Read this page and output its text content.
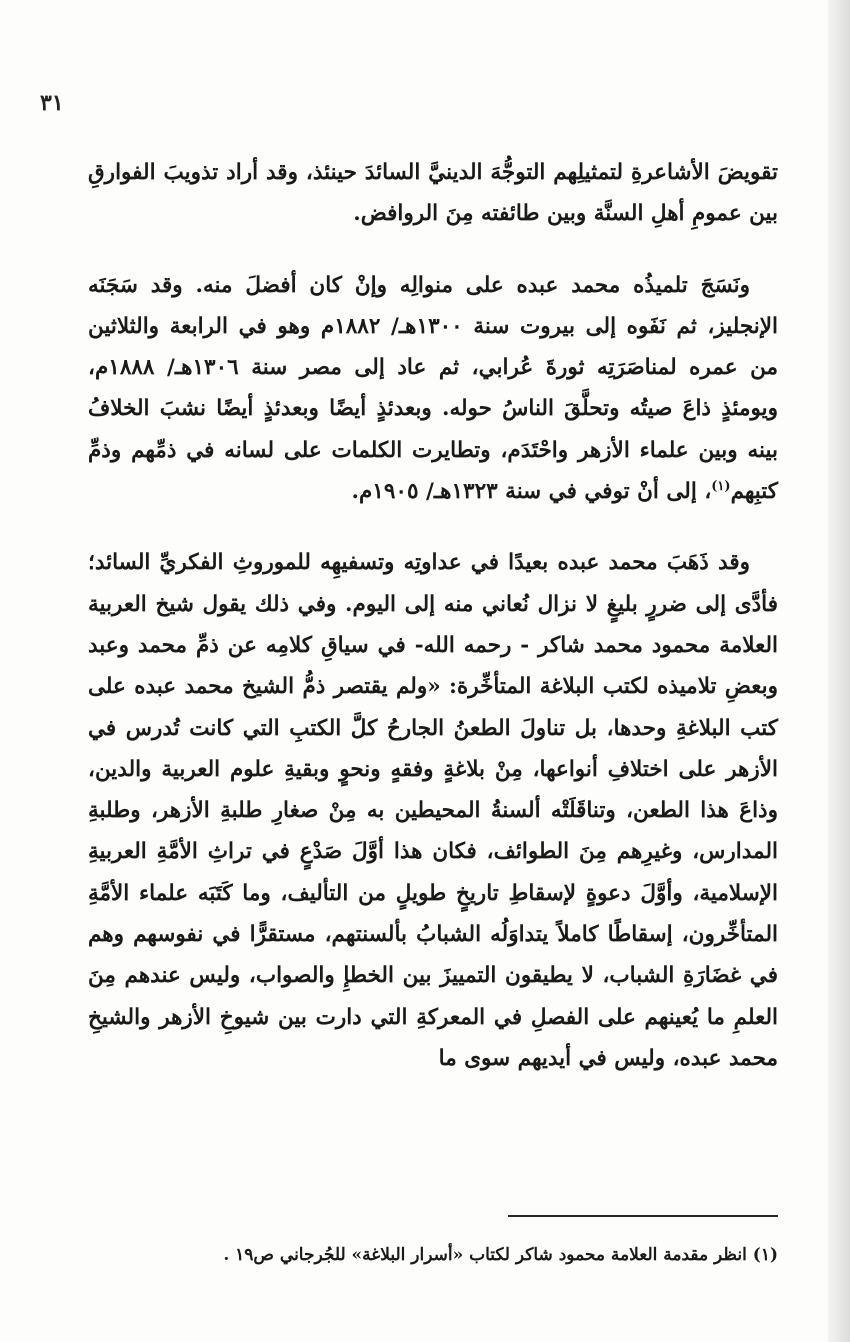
٣١

تقويضَ الأشاعرةِ لتمثيلِهم التوجُّهَ الدينيَّ السائدَ حينئذ، وقد أراد تذويبَ الفوارقِ بين عمومِ أهلِ السنَّة وبين طائفته مِنَ الروافض.

ونَسَجَ تلميذُه محمد عبده على منوالِه وإنْ كان أفضلَ منه. وقد سَجَنَه الإنجليز، ثم نَفَوه إلى بيروت سنة ١٣٠٠هـ/ ١٨٨٢م وهو في الرابعة والثلاثين من عمره لمناصَرَتِه ثورةَ عُرابي، ثم عاد إلى مصر سنة ١٣٠٦هـ/ ١٨٨٨م، ويومئذٍ ذاعَ صيتُه وتحلَّقَ الناسُ حوله. وبعدئذٍ أيضًا وبعدئذٍ أيضًا نشبَ الخلافُ بينه وبين علماء الأزهر واحْتَدَم، وتطايرت الكلمات على لسانه في ذمِّهم وذمِّ كتبِهم$^{(١)}$، إلى أنْ توفي في سنة ١٣٢٣هـ/ ١٩٠٥م.

وقد ذَهَبَ محمد عبده بعيدًا في عداوتِه وتسفيهِه للموروثِ الفكريِّ السائد؛ فأدَّى إلى ضررٍ بليغٍ لا نزال نُعاني منه إلى اليوم. وفي ذلك يقول شيخ العربية العلامة محمود محمد شاكر - رحمه الله- في سياقِ كلامِه عن ذمِّ محمد وعبد وبعضِ تلاميذه لكتب البلاغة المتأخِّرة: «ولم يقتصر ذمُّ الشيخ محمد عبده على كتب البلاغةِ وحدها، بل تناولَ الطعنُ الجارحُ كلَّ الكتبِ التي كانت تُدرس في الأزهر على اختلافِ أنواعها، مِنْ بلاغةٍ وفقهٍ ونحوٍ وبقيةِ علوم العربية والدين، وذاعَ هذا الطعن، وتناقَلَتْه ألسنةُ المحيطين به مِنْ صغارِ طلبةِ الأزهر، وطلبةِ المدارس، وغيرِهم مِنَ الطوائف، فكان هذا أوَّلَ صَدْعٍ في تراثِ الأمَّةِ العربيةِ الإسلامية، وأوَّلَ دعوةٍ لإسقاطِ تاريخٍ طويلٍ من التأليف، وما كَتَبَه علماء الأمَّةِ المتأخِّرون، إسقاطًا كاملاً يتداوَلُه الشبابُ بألسنتهم، مستقرًّا في نفوسهم وهم في غضَارَةِ الشباب، لا يطيقون التمييزَ بين الخطإِ والصواب، وليس عندهم مِنَ العلمِ ما يُعينهم على الفصلِ في المعركةِ التي دارت بين شيوخِ الأزهر والشيخِ محمد عبده، وليس في أيديهم سوى ما

(١) انظر مقدمة العلامة محمود شاكر لكتاب «أسرار البلاغة» للجُرجاني ص١٩ .
